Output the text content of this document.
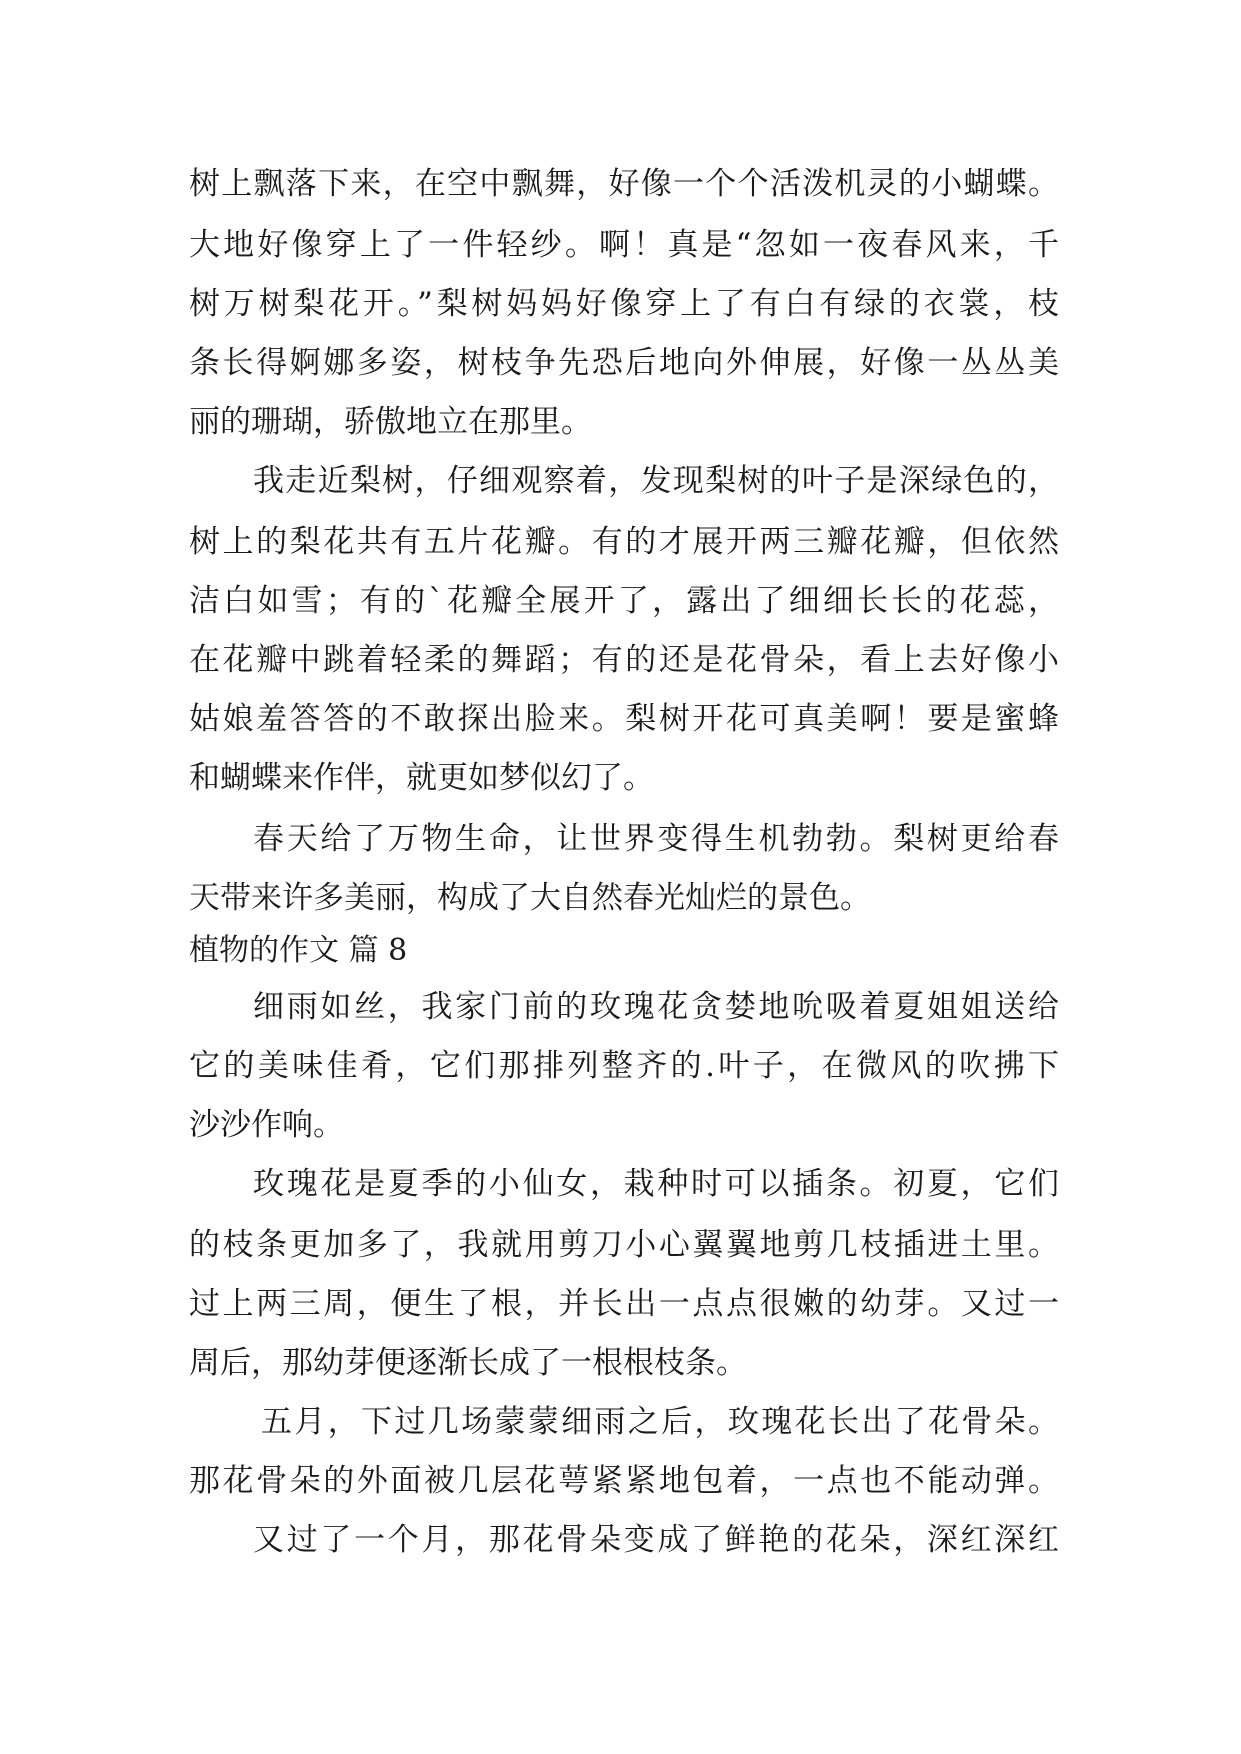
树上飘落下来，在空中飘舞，好像一个个活泼机灵的小蝴蝶。
大地好像穿上了一件轻纱。啊！真是“忽如一夜春风来，千
树万树梨花开。”梨树妈妈好像穿上了有白有绿的衣裳，枝
条长得婀娜多姿，树枝争先恐后地向外伸展，好像一丛丛美
丽的珊瑚，骄傲地立在那里。
我走近梨树，仔细观察着，发现梨树的叶子是深绿色的，
树上的梨花共有五片花瓣。有的才展开两三瓣花瓣，但依然
洁白如雪；有的`花瓣全展开了，露出了细细长长的花蕊，
在花瓣中跳着轻柔的舞蹈；有的还是花骨朵，看上去好像小
姑娘羞答答的不敢探出脸来。梨树开花可真美啊！要是蜜蜂
和蝴蝶来作伴，就更如梦似幻了。
春天给了万物生命，让世界变得生机勃勃。梨树更给春
天带来许多美丽，构成了大自然春光灿烂的景色。
植物的作文 篇 8
细雨如丝，我家门前的玫瑰花贪婪地吮吸着夏姐姐送给
它的美味佳肴，它们那排列整齐的.叶子，在微风的吹拂下
沙沙作响。
玫瑰花是夏季的小仙女，栽种时可以插条。初夏，它们
的枝条更加多了，我就用剪刀小心翼翼地剪几枝插进土里。
过上两三周，便生了根，并长出一点点很嫩的幼芽。又过一
周后，那幼芽便逐渐长成了一根根枝条。
五月，下过几场蒙蒙细雨之后，玫瑰花长出了花骨朵。
那花骨朵的外面被几层花萼紧紧地包着，一点也不能动弹。
又过了一个月，那花骨朵变成了鲜艳的花朵，深红深红
